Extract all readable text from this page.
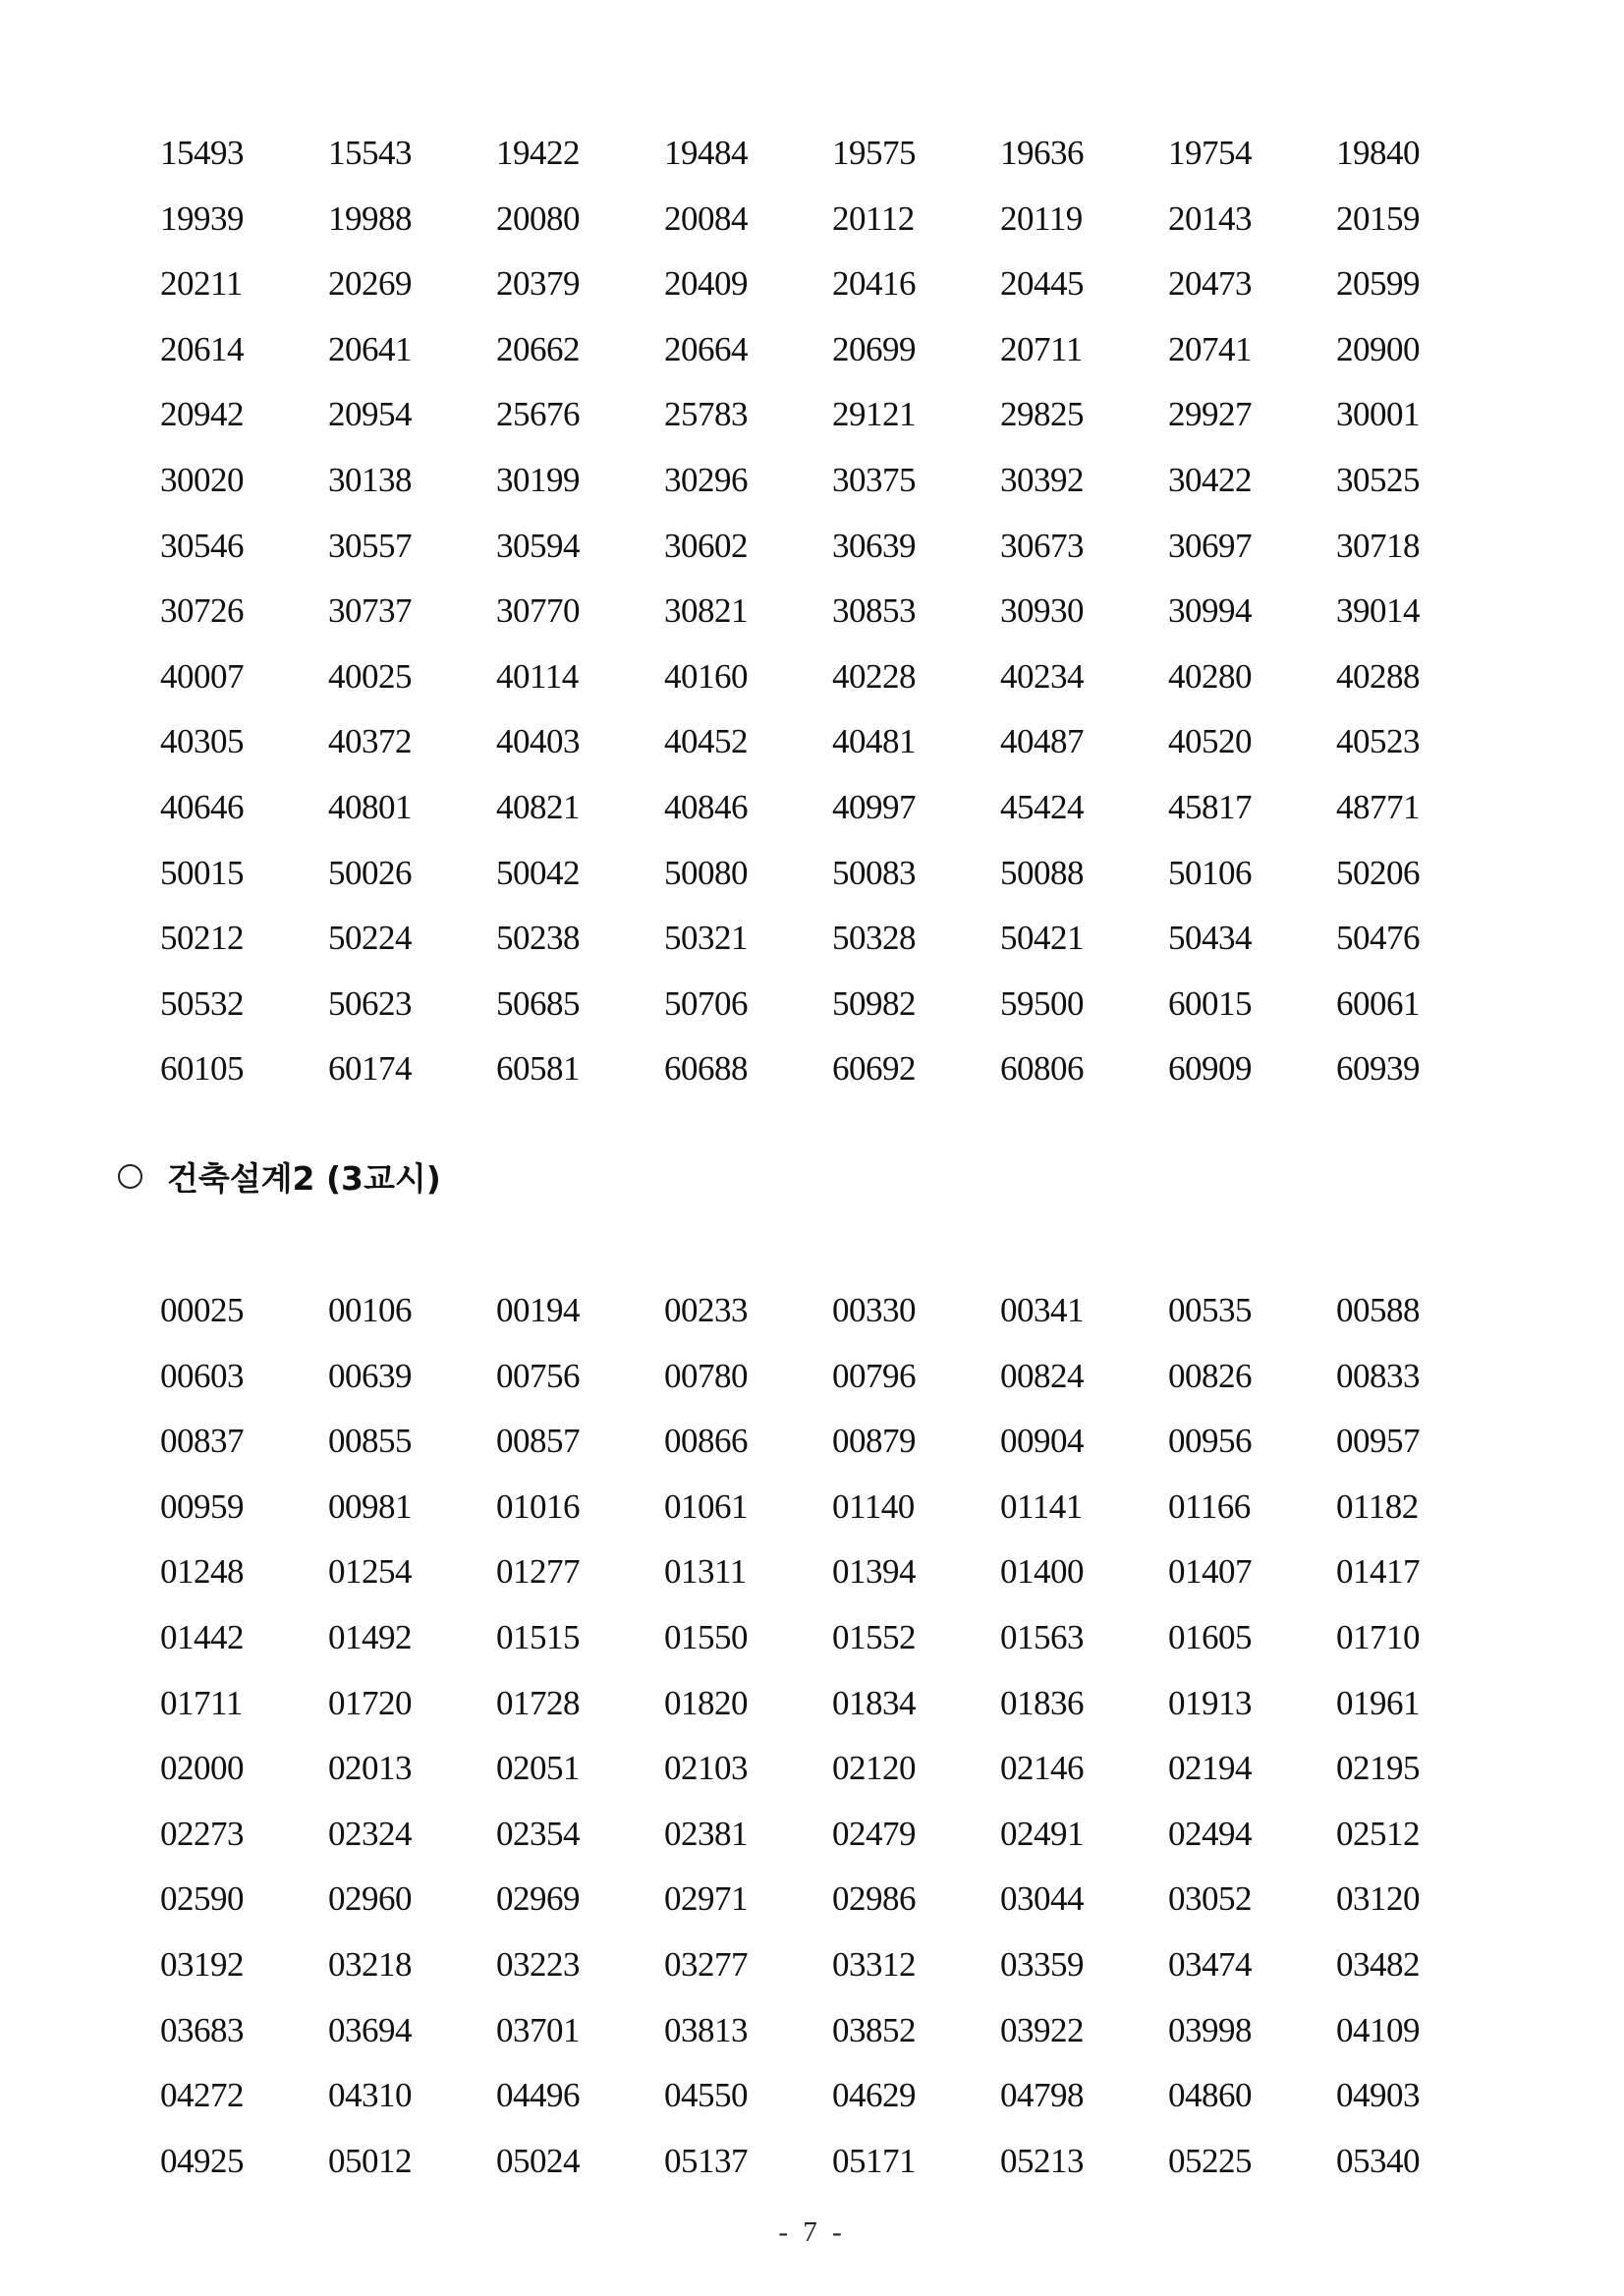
15493	15543	19422	19484	19575	19636	19754	19840
19939	19988	20080	20084	20112	20119	20143	20159
20211	20269	20379	20409	20416	20445	20473	20599
20614	20641	20662	20664	20699	20711	20741	20900
20942	20954	25676	25783	29121	29825	29927	30001
30020	30138	30199	30296	30375	30392	30422	30525
30546	30557	30594	30602	30639	30673	30697	30718
30726	30737	30770	30821	30853	30930	30994	39014
40007	40025	40114	40160	40228	40234	40280	40288
40305	40372	40403	40452	40481	40487	40520	40523
40646	40801	40821	40846	40997	45424	45817	48771
50015	50026	50042	50080	50083	50088	50106	50206
50212	50224	50238	50321	50328	50421	50434	50476
50532	50623	50685	50706	50982	59500	60015	60061
60105	60174	60581	60688	60692	60806	60909	60939
건축설계2 (3교시)
00025	00106	00194	00233	00330	00341	00535	00588
00603	00639	00756	00780	00796	00824	00826	00833
00837	00855	00857	00866	00879	00904	00956	00957
00959	00981	01016	01061	01140	01141	01166	01182
01248	01254	01277	01311	01394	01400	01407	01417
01442	01492	01515	01550	01552	01563	01605	01710
01711	01720	01728	01820	01834	01836	01913	01961
02000	02013	02051	02103	02120	02146	02194	02195
02273	02324	02354	02381	02479	02491	02494	02512
02590	02960	02969	02971	02986	03044	03052	03120
03192	03218	03223	03277	03312	03359	03474	03482
03683	03694	03701	03813	03852	03922	03998	04109
04272	04310	04496	04550	04629	04798	04860	04903
04925	05012	05024	05137	05171	05213	05225	05340
- 7 -
